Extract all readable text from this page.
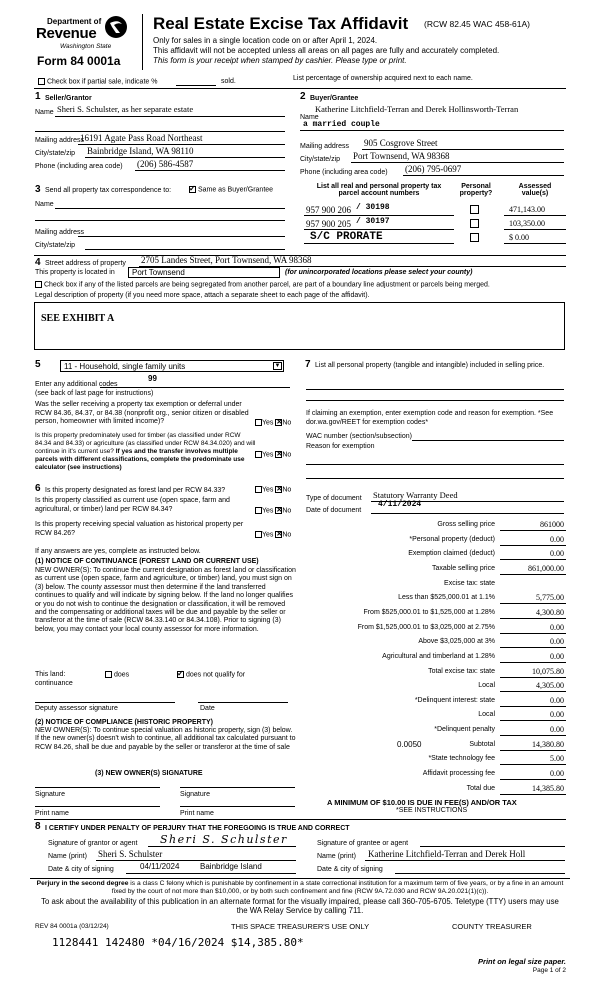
Department of
Revenue
Washington State
Form 84 0001a
Real Estate Excise Tax Affidavit (RCW 82.45 WAC 458-61A)
Only for sales in a single location code on or after April 1, 2024.
This affidavit will not be accepted unless all areas on all pages are fully and accurately completed.
This form is your receipt when stamped by cashier. Please type or print.
Check box if partial sale, indicate %	sold.	List percentage of ownership acquired next to each name.
1 Seller/Grantor
Name Sheri S. Schulster, as her separate estate
Mailing address
16191 Agate Pass Road Northeast
City/state/zip Bainbridge Island, WA 98110
Phone (including area code) (206) 586-4587
2 Buyer/Grantee
Name
Katherine Litchfield-Terran and Derek Hollinsworth-Terran
a married couple
Mailing address 905 Cosgrove Street
City/state/zip Port Townsend, WA 98368
Phone (including area code) (206) 795-0697
3 Send all property tax correspondence to: ✓	Same as Buyer/Grantee
Name
Mailing address
City/state/zip
List all real and personal property tax parcel account numbers
Personal property?
Assessed value(s)
957 900 206 / 30198	471,143.00
957 900 205 / 30197	103,350.00
S/C PRORATE	$ 0.00
4 Street address of property 2705 Landes Street, Port Townsend, WA 98368
This property is located in Port Townsend	(for unincorporated locations please select your county)
Check box if any of the listed parcels are being segregated from another parcel, are part of a boundary line adjustment or parcels being merged.
Legal description of property (if you need more space, attach a separate sheet to each page of the affidavit).
SEE EXHIBIT A
5	11 - Household, single family units	▼
Enter any additional codes
99
(see back of last page for instructions)
Was the seller receiving a property tax exemption or deferral under RCW 84.36, 84.37, or 84.38 (nonprofit org., senior citizen or disabled person, homeowner with limited income)?	Yes ✕ No
Is this property predominately used for timber (as classified under RCW 84.34 and 84.33) or agriculture (as classified under RCW 84.34.020) and will continue in it's current use? If yes and the transfer involves multiple parcels with different classifications, complete the predominate use calculator (see instructions)
Yes ✕ No
6 Is this property designated as forest land per RCW 84.33?	Yes ✕ No
Is this property classified as current use (open space, farm and agricultural, or timber) land per RCW 84.34?	Yes ✕ No
Is this property receiving special valuation as historical property per RCW 84.26?	Yes ✕ No
If any answers are yes, complete as instructed below.
(1) NOTICE OF CONTINUANCE (FOREST LAND OR CURRENT USE)
NEW OWNER(S): To continue the current designation as forest land or classification as current use (open space, farm and agriculture, or timber) land, you must sign on (3) below. The county assessor must then determine if the land transferred continues to qualify and will indicate by signing below. If the land no longer qualifies or you do not wish to continue the designation or classification, it will be removed and the compensating or additional taxes will be due and payable by the seller or transferor at the time of sale (RCW 84.33.140 or 84.34.108). Prior to signing (3) below, you may contact your local county assessor for more information.
This land:	does ✓	does not qualify for
continuance
Deputy assessor signature	Date
(2) NOTICE OF COMPLIANCE (HISTORIC PROPERTY)
NEW OWNER(S): To continue special valuation as historic property, sign (3) below. If the new owner(s) doesn't wish to continue, all additional tax calculated pursuant to RCW 84.26, shall be due and payable by the seller or transferor at the time of sale
(3) NEW OWNER(S) SIGNATURE
Signature	Signature
Print name	Print name
7 List all personal property (tangible and intangible) included in selling price.
If claiming an exemption, enter exemption code and reason for exemption. *See dor.wa.gov/REET for exemption codes*
WAC number (section/subsection)
Reason for exemption
Type of document Statutory Warranty Deed
Date of document
4/11/2024
Gross selling price	861000
*Personal property (deduct)	0.00
Exemption claimed (deduct)	0.00
Taxable selling price	861,000.00
Excise tax: state
Less than $525,000.01 at 1.1%	5,775.00
From $525,000.01 to $1,525,000 at 1.28%	4,300.80
From $1,525,000.01 to $3,025,000 at 2.75%	0.00
Above $3,025,000 at 3%	0.00
Agricultural and timberland at 1.28%	0.00
Total excise tax: state	10,075.80
Local	4,305.00
*Delinquent interest: state	0.00
Local	0.00
*Delinquent penalty	0.00
Subtotal	14,380.80
*State technology fee	5.00
Affidavit processing fee	0.00
Total due	14,385.80
0.0050
A MINIMUM OF $10.00 IS DUE IN FEE(S) AND/OR TAX
*SEE INSTRUCTIONS
8 I CERTIFY UNDER PENALTY OF PERJURY THAT THE FOREGOING IS TRUE AND CORRECT
Signature of grantor or agent Sheri S. Schulster
Name (print) Sheri S. Schulster
Date & city of signing	04/11/2024	Bainbridge Island
Signature of grantee or agent
Name (print) Katherine Litchfield-Terran and Derek Holl
Date & city of signing
Perjury in the second degree is a class C felony which is punishable by confinement in a state correctional institution for a maximum term of five years, or by a fine in an amount fixed by the court of not more than $10,000, or by both such confinement and fine (RCW 9A.72.030 and RCW 9A.20.021(1)(c)).
To ask about the availability of this publication in an alternate format for the visually impaired, please call 360-705-6705. Teletype (TTY) users may use the WA Relay Service by calling 711.
REV 84 0001a (03/12/24)	THIS SPACE TREASURER'S USE ONLY	COUNTY TREASURER
1128441 142480 *04/16/2024 $14,385.80*
Print on legal size paper.
Page 1 of 2
